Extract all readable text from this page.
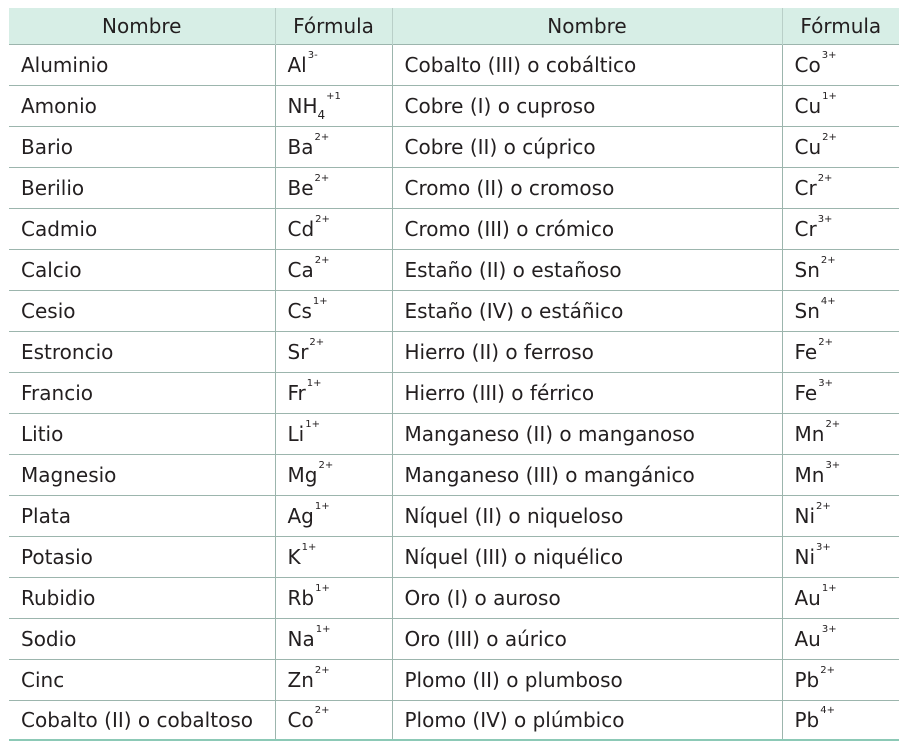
Nombre	Fórmula	Nombre	Fórmula
Aluminio	$Al^{3-}$	Cobalto (III) o cobáltico	$Co^{3+}$
Amonio	$NH_4^{+1}$	Cobre (I) o cuproso	$Cu^{1+}$
Bario	$Ba^{2+}$	Cobre (II) o cúprico	$Cu^{2+}$
Berilio	$Be^{2+}$	Cromo (II) o cromoso	$Cr^{2+}$
Cadmio	$Cd^{2+}$	Cromo (III) o crómico	$Cr^{3+}$
Calcio	$Ca^{2+}$	Estaño (II) o estañoso	$Sn^{2+}$
Cesio	$Cs^{1+}$	Estaño (IV) o estáñico	$Sn^{4+}$
Estroncio	$Sr^{2+}$	Hierro (II) o ferroso	$Fe^{2+}$
Francio	$Fr^{1+}$	Hierro (III) o férrico	$Fe^{3+}$
Litio	$Li^{1+}$	Manganeso (II) o manganoso	$Mn^{2+}$
Magnesio	$Mg^{2+}$	Manganeso (III) o mangánico	$Mn^{3+}$
Plata	$Ag^{1+}$	Níquel (II) o niqueloso	$Ni^{2+}$
Potasio	$K^{1+}$	Níquel (III) o niquélico	$Ni^{3+}$
Rubidio	$Rb^{1+}$	Oro (I) o auroso	$Au^{1+}$
Sodio	$Na^{1+}$	Oro (III) o aúrico	$Au^{3+}$
Cinc	$Zn^{2+}$	Plomo (II) o plumboso	$Pb^{2+}$
Cobalto (II) o cobaltoso	$Co^{2+}$	Plomo (IV) o plúmbico	$Pb^{4+}$
